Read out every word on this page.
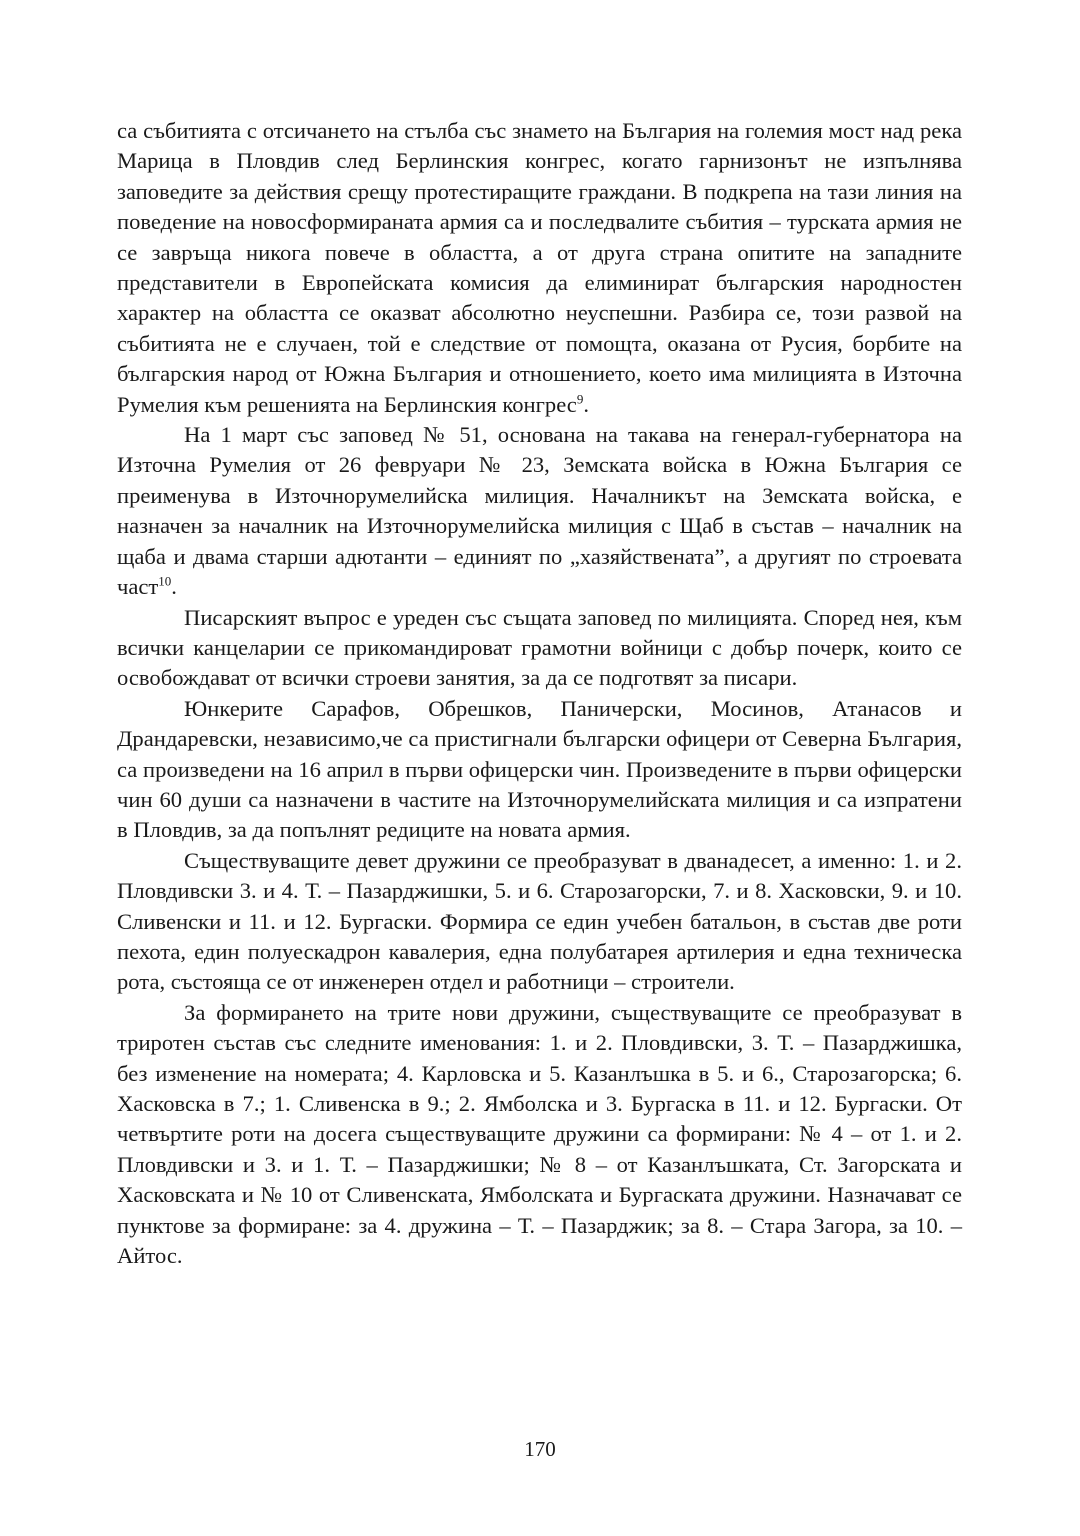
са събитията с отсичането на стълба със знамето на България на големия мост над река Марица в Пловдив след Берлинския конгрес, когато гарнизонът не изпълнява заповедите за действия срещу протестиращите граждани. В подкрепа на тази линия на поведение на новосформираната армия са и последвалите събития – турската армия не се завръща никога повече в областта, а от друга страна опитите на западните представители в Европейската комисия да елиминират българския народностен характер на областта се оказват абсолютно неуспешни. Разбира се, този развой на събитията не е случаен, той е следствие от помощта, оказана от Русия, борбите на българския народ от Южна България и отношението, което има милицията в Източна Румелия към решенията на Берлинския конгрес$^9$.

На 1 март със заповед № 51, основана на такава на генерал-губернатора на Източна Румелия от 26 февруари № 23, Земската войска в Южна България се преименува в Източнорумелийска милиция. Началникът на Земската войска, е назначен за началник на Източнорумелийска милиция с Щаб в състав – началник на щаба и двама старши адютанти – единият по „хазяйствената”, а другият по строевата част$^{10}$.

Писарският въпрос е уреден със същата заповед по милицията. Според нея, към всички канцеларии се прикомандироват грамотни войници с добър почерк, които се освобождават от всички строеви занятия, за да се подготвят за писари.

Юнкерите Сарафов, Обрешков, Паничерски, Мосинов, Атанасов и Драндаревски, независимо,че са пристигнали български офицери от Северна България, са произведени на 16 април в първи офицерски чин. Произведените в първи офицерски чин 60 души са назначени в частите на Източнорумелийската милиция и са изпратени в Пловдив, за да попълнят редиците на новата армия.

Съществуващите девет дружини се преобразуват в дванадесет, а именно: 1. и 2. Пловдивски 3. и 4. Т. – Пазарджишки, 5. и 6. Старозагорски, 7. и 8. Хасковски, 9. и 10. Сливенски и 11. и 12. Бургаски. Формира се един учебен батальон, в състав две роти пехота, един полуескадрон кавалерия, една полубатарея артилерия и една техническа рота, състояща се от инженерен отдел и работници – строители.

За формирането на трите нови дружини, съществуващите се преобразуват в триротен състав със следните именования: 1. и 2. Пловдивски, 3. Т. – Пазарджишка, без изменение на номерата; 4. Карловска и 5. Казанлъшка в 5. и 6., Старозагорска; 6. Хасковска в 7.; 1. Сливенска в 9.; 2. Ямболска и 3. Бургаска в 11. и 12. Бургаски. От четвъртите роти на досега съществуващите дружини са формирани: № 4 – от 1. и 2. Пловдивски и 3. и 1. Т. – Пазарджишки; № 8 – от Казанлъшката, Ст. Загорската и Хасковската и № 10 от Сливенската, Ямболската и Бургаската дружини. Назначават се пунктове за формиране: за 4. дружина – Т. – Пазарджик; за 8. – Стара Загора, за 10. – Айтос.

170
